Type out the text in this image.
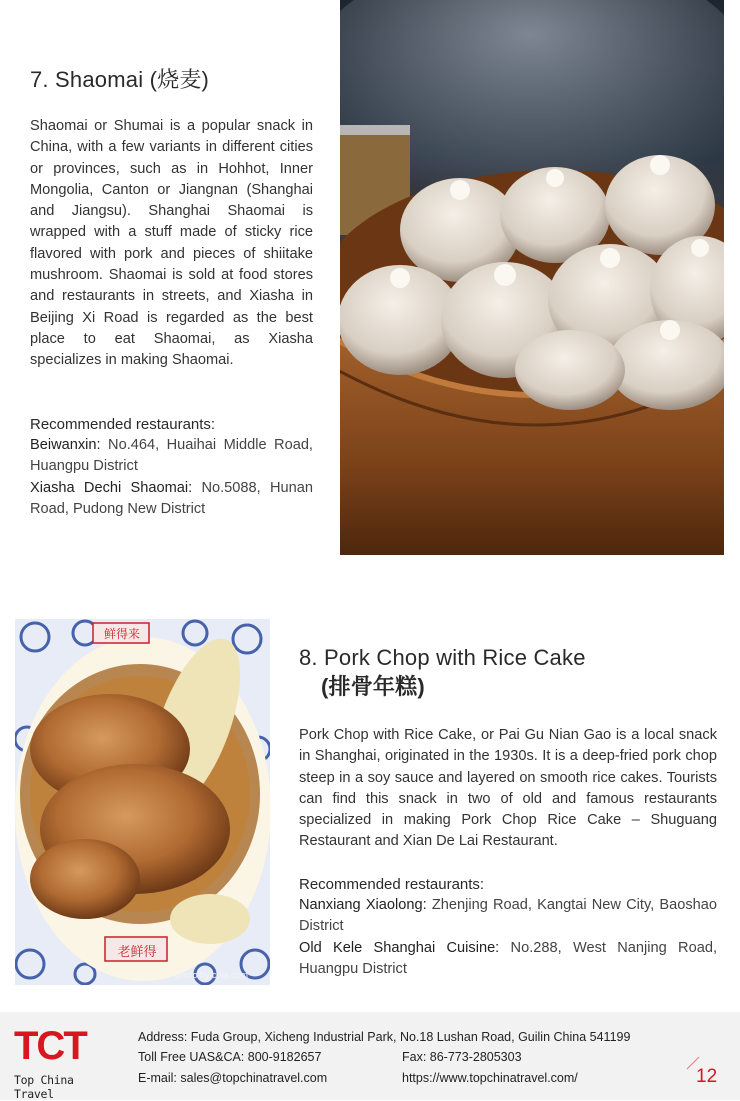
7. Shaomai (烧麦)

Shaomai or Shumai is a popular snack in China, with a few variants in different cities or provinces, such as in Hohhot, Inner Mongolia, Canton or Jiangnan (Shanghai and Jiangsu). Shanghai Shaomai is wrapped with a stuff made of sticky rice flavored with pork and pieces of shiitake mushroom. Shaomai is sold at food stores and restaurants in streets, and Xiasha in Beijing Xi Road is regarded as the best place to eat Shaomai, as Xiasha specializes in making Shaomai.

Recommended restaurants:

Beiwanxin: No.464, Huaihai Middle Road, Huangpu District

Xiasha Dechi Shaomai: No.5088, Hunan Road, Pudong New District

鲜得来
老鲜得
photo by chla.com
8. Pork Chop with Rice Cake
(排骨年糕)

Pork Chop with Rice Cake, or Pai Gu Nian Gao is a local snack in Shanghai, originated in the 1930s. It is a deep-fried pork chop steep in a soy sauce and layered on smooth rice cakes. Tourists can find this snack in two of old and famous restaurants specialized in making Pork Chop Rice Cake – Shuguang Restaurant and Xian De Lai Restaurant.

Recommended restaurants:

Nanxiang Xiaolong: Zhenjing Road, Kangtai New City, Baoshao District

Old Kele Shanghai Cuisine: No.288, West Nanjing Road, Huangpu District

TCT
Top China Travel
Address: Fuda Group, Xicheng Industrial Park, No.18 Lushan Road, Guilin China 541199
Toll Free UAS&CA: 800-9182657	Fax: 86-773-2805303
E-mail: sales@topchinatravel.com	https://www.topchinatravel.com/	12
